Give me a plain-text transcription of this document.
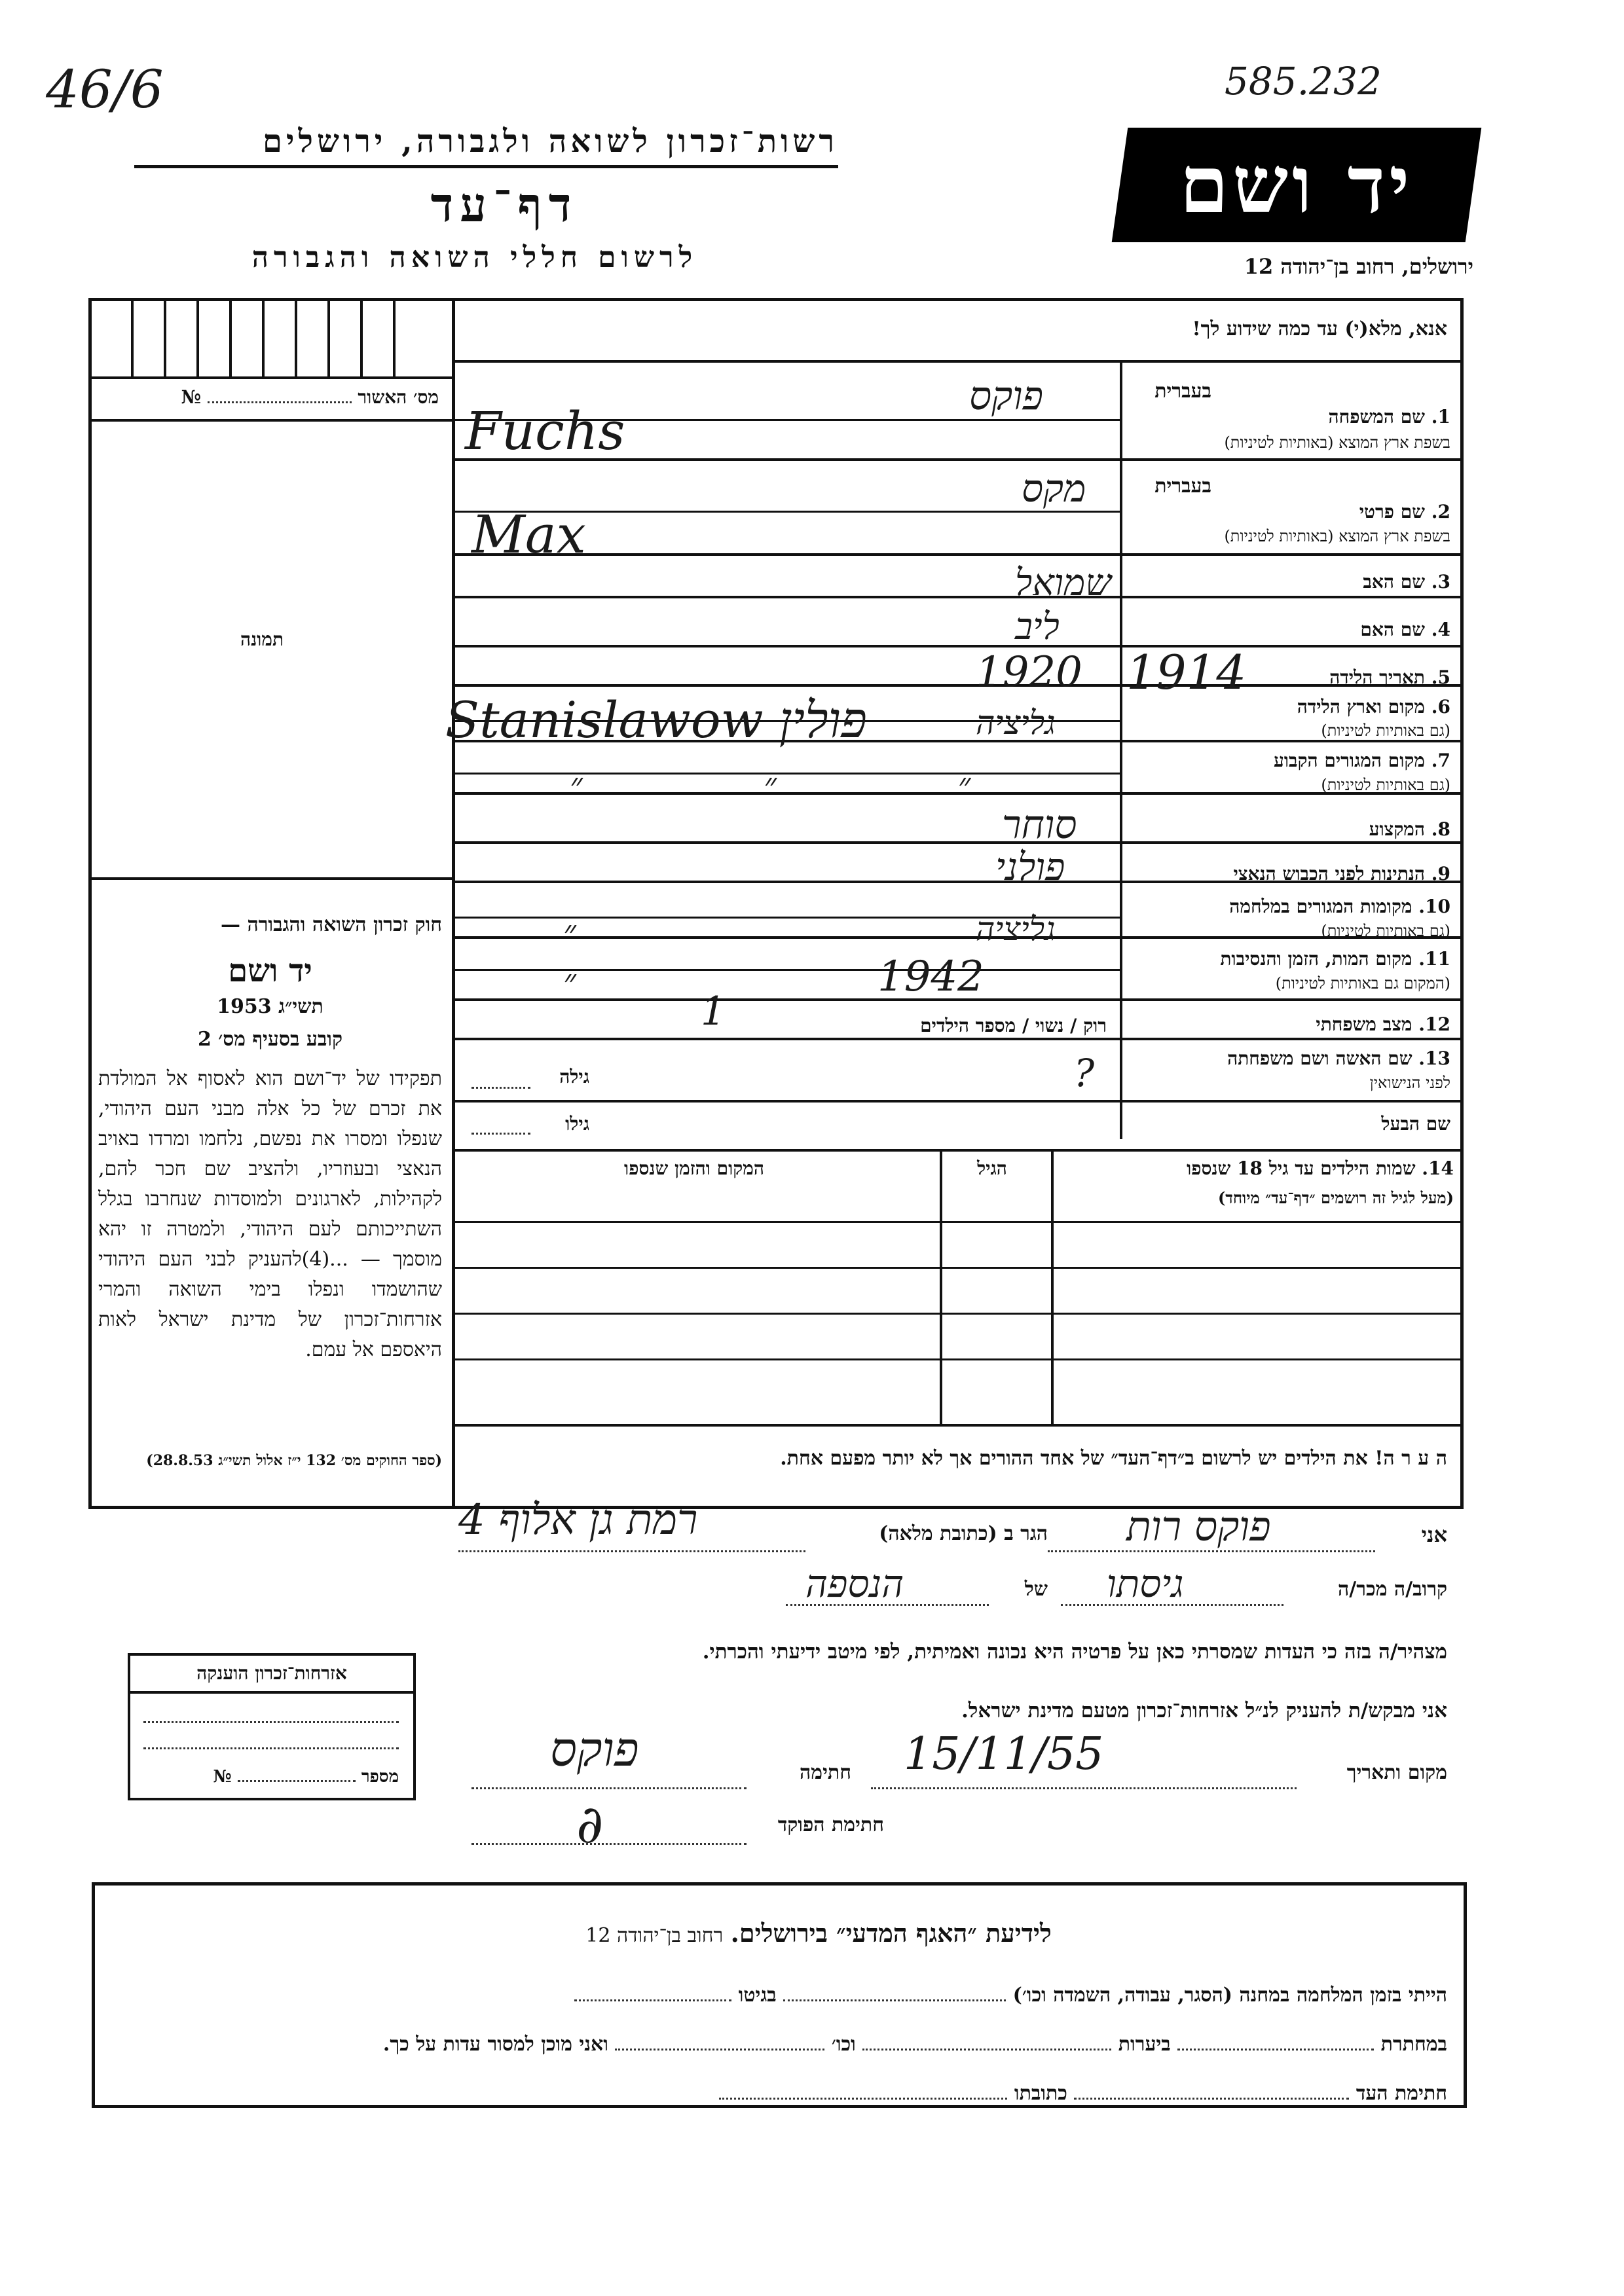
46/6	585.232
רשות־זכרון לשואה ולגבורה, ירושלים
דף־עד
לרשום חללי השואה והגבורה
יד ושם
ירושלים, רחוב בן־יהודה 12
מס׳ האשור  №
תמונה
חוק זכרון השואה והגבורה —
יד ושם
תשי״ג 1953
קובע בסעיף מס׳ 2
תפקידו של יד־ושם הוא לאסוף אל המולדת את זכרם של כל אלה מבני העם היהודי, שנפלו ומסרו את נפשם, נלחמו ומרדו באויב הנאצי ובעוזריו, ולהציב שם חכר להם, לקהילות, לארגונים ולמוסדות שנחרבו בגלל השתייכותם לעם היהודי, ולמטרה זו יהא מוסמך — ...(4)להעניק לבני העם היהודי שהושמדו ונפלו בימי השואה והמרי אזרחות־זכרון של מדינת ישראל לאות היאספם אל עמם.
(ספר החוקים מס׳ 132 י״ז אלול תשי״ג 28.8.53)
אנא, מלא(י) עד כמה שידוע לך!
בעברית
1. שם המשפחה
בשפת ארץ המוצא (באותיות לטיניות)
פוקס
Fuchs
בעברית
2. שם פרטי
בשפת ארץ המוצא (באותיות לטיניות)
מקס
Max
3. שם האב
שמואל
4. שם האם
ליב
5. תאריך הלידה
1914
1920
6. מקום וארץ הלידה
(גם באותיות לטיניות)
Stanislawow פולין	גליציה
7. מקום המגורים הקבוע
(גם באותיות לטיניות)
״ ״ ״
8. המקצוע
סוחר
9. הנתינות לפני הכבוש הנאצי
פולני
10. מקומות המגורים במלחמה
(גם באותיות לטיניות)
״	גליציה
11. מקום המות, הזמן והנסיבות
(המקום גם באותיות לטיניות)
״	1942
12. מצב משפחתי
רוק / נשוי / מספר הילדים
1
13. שם האשה ושם משפחתה
לפני הנישואין
גילה	?
שם הבעל
גילו
14. שמות הילדים עד גיל 18 שנספו
(מעל לגיל זה רושמים ״דף־עד״ מיוחד)
הגיל
המקום והזמן שנספו
ה ע ר ה! את הילדים יש לרשום ב״דף־העד״ של אחד ההורים אך לא יותר מפעם אחת.
אזרחות־זכרון הוענקה
מספר  №
אני
פוקס רות
הגר ב (כתובת מלאה)
רמת גן אלוף 4
קרוב/ה מכר/ה
גיסתו
של
הנספה
מצהיר/ה בזה כי העדות שמסרתי כאן על פרטיה היא נכונה ואמיתית, לפי מיטב ידיעתי והכרתי.
אני מבקש/ת להעניק לנ״ל אזרחות־זכרון מטעם מדינת ישראל.
מקום ותאריך
15/11/55
חתימה
פוקס
חתימת הפוקד
∂
לידיעת ״האגף המדעי״ בירושלים. רחוב בן־יהודה 12
הייתי בזמן המלחמה במחנה (הסגר, עבודה, השמדה וכו׳)  בגיטו
במחתרת  ביערות  וכו׳  ואני מוכן למסור עדות על כך.
חתימת העד  כתובתו
